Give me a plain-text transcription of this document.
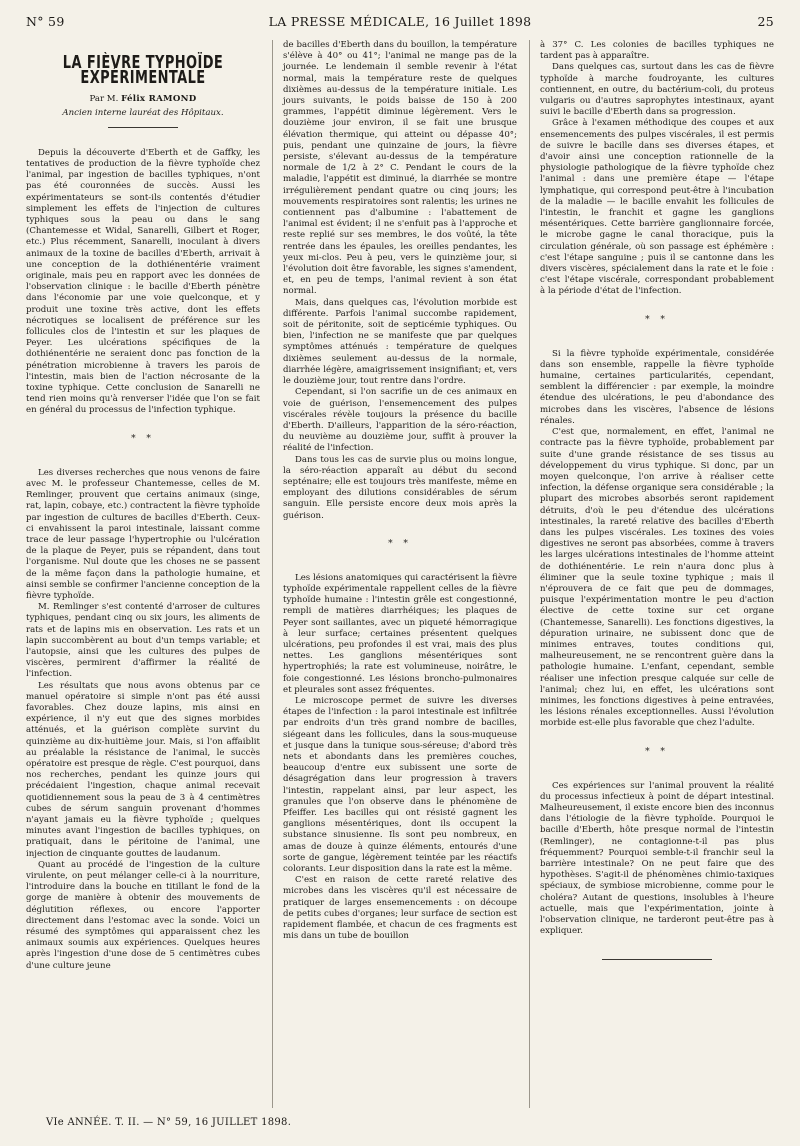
N° 59	LA PRESSE MÉDICALE, 16 Juillet 1898	25
LA FIÈVRE TYPHOÏDE EXPÉRIMENTALE
Par M. Félix RAMOND
Ancien interne lauréat des Hôpitaux.

Depuis la découverte d'Eberth et de Gaffky, les tentatives de production de la fièvre typhoïde chez l'animal, par ingestion de bacilles typhiques, n'ont pas été couronnées de succès. Aussi les expérimentateurs se sont-ils contentés d'étudier simplement les effets de l'injection de cultures typhiques sous la peau ou dans le sang (Chantemesse et Widal, Sanarelli, Gilbert et Roger, etc.) Plus récemment, Sanarelli, inoculant à divers animaux de la toxine de bacilles d'Eberth, arrivait à une conception de la dothiénentérie vraiment originale, mais peu en rapport avec les données de l'observation clinique : le bacille d'Eberth pénètre dans l'économie par une voie quelconque, et y produit une toxine très active, dont les effets nécrotiques se localisent de préférence sur les follicules clos de l'intestin et sur les plaques de Peyer. Les ulcérations spécifiques de la dothiénentérie ne seraient donc pas fonction de la pénétration microbienne à travers les parois de l'intestin, mais bien de l'action nécrosante de la toxine typhique. Cette conclusion de Sanarelli ne tend rien moins qu'à renverser l'idée que l'on se fait en général du processus de l'infection typhique.

* *

Les diverses recherches que nous venons de faire avec M. le professeur Chantemesse, celles de M. Remlinger, prouvent que certains animaux (singe, rat, lapin, cobaye, etc.) contractent la fièvre typhoïde par ingestion de cultures de bacilles d'Eberth. Ceux-ci envahissent la paroi intestinale, laissant comme trace de leur passage l'hypertrophie ou l'ulcération de la plaque de Peyer, puis se répandent, dans tout l'organisme. Nul doute que les choses ne se passent de la même façon dans la pathologie humaine, et ainsi semble se confirmer l'ancienne conception de la fièvre typhoïde.

M. Remlinger s'est contenté d'arroser de cultures typhiques, pendant cinq ou six jours, les aliments de rats et de lapins mis en observation. Les rats et un lapin succombèrent au bout d'un temps variable; et l'autopsie, ainsi que les cultures des pulpes de viscères, permirent d'affirmer la réalité de l'infection.

Les résultats que nous avons obtenus par ce manuel opératoire si simple n'ont pas été aussi favorables. Chez douze lapins, mis ainsi en expérience, il n'y eut que des signes morbides atténués, et la guérison complète survint du quinzième au dix-huitième jour. Mais, si l'on affaiblit au préalable la résistance de l'animal, le succès opératoire est presque de règle. C'est pourquoi, dans nos recherches, pendant les quinze jours qui précédaient l'ingestion, chaque animal recevait quotidiennement sous la peau de 3 à 4 centimètres cubes de sérum sanguin provenant d'hommes n'ayant jamais eu la fièvre typhoïde ; quelques minutes avant l'ingestion de bacilles typhiques, on pratiquait, dans le péritoine de l'animal, une injection de cinquante gouttes de laudanum.

Quant au procédé de l'ingestion de la culture virulente, on peut mélanger celle-ci à la nourriture, l'introduire dans la bouche en titillant le fond de la gorge de manière à obtenir des mouvements de déglutition réflexes, ou encore l'apporter directement dans l'estomac avec la sonde. Voici un résumé des symptômes qui apparaissent chez les animaux soumis aux expériences. Quelques heures après l'ingestion d'une dose de 5 centimètres cubes d'une culture jeune

de bacilles d'Eberth dans du bouillon, la température s'élève à 40° ou 41°; l'animal ne mange pas de la journée. Le lendemain il semble revenir à l'état normal, mais la température reste de quelques dixièmes au-dessus de la température initiale. Les jours suivants, le poids baisse de 150 à 200 grammes, l'appétit diminue légèrement. Vers le douzième jour environ, il se fait une brusque élévation thermique, qui atteint ou dépasse 40°; puis, pendant une quinzaine de jours, la fièvre persiste, s'élevant au-dessus de la température normale de 1/2 à 2° C. Pendant le cours de la maladie, l'appétit est diminué, la diarrhée se montre irrégulièrement pendant quatre ou cinq jours; les mouvements respiratoires sont ralentis; les urines ne contiennent pas d'albumine : l'abattement de l'animal est évident; il ne s'enfuit pas à l'approche et reste replié sur ses membres, le dos voûté, la tête rentrée dans les épaules, les oreilles pendantes, les yeux mi-clos. Peu à peu, vers le quinzième jour, si l'évolution doit être favorable, les signes s'amendent, et, en peu de temps, l'animal revient à son état normal.

Mais, dans quelques cas, l'évolution morbide est différente. Parfois l'animal succombe rapidement, soit de péritonite, soit de septicémie typhiques. Ou bien, l'infection ne se manifeste que par quelques symptômes atténués : température de quelques dixièmes seulement au-dessus de la normale, diarrhée légère, amaigrissement insignifiant; et, vers le douzième jour, tout rentre dans l'ordre.

Cependant, si l'on sacrifie un de ces animaux en voie de guérison, l'ensemencement des pulpes viscérales révèle toujours la présence du bacille d'Eberth. D'ailleurs, l'apparition de la séro-réaction, du neuvième au douzième jour, suffit à prouver la réalité de l'infection.

Dans tous les cas de survie plus ou moins longue, la séro-réaction apparaît au début du second septénaire; elle est toujours très manifeste, même en employant des dilutions considérables de sérum sanguin. Elle persiste encore deux mois après la guérison.

* *

Les lésions anatomiques qui caractérisent la fièvre typhoïde expérimentale rappellent celles de la fièvre typhoïde humaine : l'intestin grêle est congestionné, rempli de matières diarrhéiques; les plaques de Peyer sont saillantes, avec un piqueté hémorragique à leur surface; certaines présentent quelques ulcérations, peu profondes il est vrai, mais des plus nettes. Les ganglions mésentériques sont hypertrophiés; la rate est volumineuse, noirâtre, le foie congestionné. Les lésions broncho-pulmonaires et pleurales sont assez fréquentes.

Le microscope permet de suivre les diverses étapes de l'infection : la paroi intestinale est infiltrée par endroits d'un très grand nombre de bacilles, siégeant dans les follicules, dans la sous-muqueuse et jusque dans la tunique sous-séreuse; d'abord très nets et abondants dans les premières couches, beaucoup d'entre eux subissent une sorte de désagrégation dans leur progression à travers l'intestin, rappelant ainsi, par leur aspect, les granules que l'on observe dans le phénomène de Pfeiffer. Les bacilles qui ont résisté gagnent les ganglions mésentériques, dont ils occupent la substance sinusienne. Ils sont peu nombreux, en amas de douze à quinze éléments, entourés d'une sorte de gangue, légèrement teintée par les réactifs colorants. Leur disposition dans la rate est la même.

C'est en raison de cette rareté relative des microbes dans les viscères qu'il est nécessaire de pratiquer de larges ensemencements : on découpe de petits cubes d'organes; leur surface de section est rapidement flambée, et chacun de ces fragments est mis dans un tube de bouillon

à 37° C. Les colonies de bacilles typhiques ne tardent pas à apparaître.

Dans quelques cas, surtout dans les cas de fièvre typhoïde à marche foudroyante, les cultures contiennent, en outre, du bactérium-coli, du proteus vulgaris ou d'autres saprophytes intestinaux, ayant suivi le bacille d'Eberth dans sa progression.

Grâce à l'examen méthodique des coupes et aux ensemencements des pulpes viscérales, il est permis de suivre le bacille dans ses diverses étapes, et d'avoir ainsi une conception rationnelle de la physiologie pathologique de la fièvre typhoïde chez l'animal : dans une première étape — l'étape lymphatique, qui correspond peut-être à l'incubation de la maladie — le bacille envahit les follicules de l'intestin, le franchit et gagne les ganglions mésentériques. Cette barrière ganglionnaire forcée, le microbe gagne le canal thoracique, puis la circulation générale, où son passage est éphémère : c'est l'étape sanguine ; puis il se cantonne dans les divers viscères, spécialement dans la rate et le foie : c'est l'étape viscérale, correspondant probablement à la période d'état de l'infection.

* *

Si la fièvre typhoïde expérimentale, considérée dans son ensemble, rappelle la fièvre typhoïde humaine, certaines particularités, cependant, semblent la différencier : par exemple, la moindre étendue des ulcérations, le peu d'abondance des microbes dans les viscères, l'absence de lésions rénales.

C'est que, normalement, en effet, l'animal ne contracte pas la fièvre typhoïde, probablement par suite d'une grande résistance de ses tissus au développement du virus typhique. Si donc, par un moyen quelconque, l'on arrive à réaliser cette infection, la défense organique sera considérable ; la plupart des microbes absorbés seront rapidement détruits, d'où le peu d'étendue des ulcérations intestinales, la rareté relative des bacilles d'Eberth dans les pulpes viscérales. Les toxines des voies digestives ne seront pas absorbées, comme à travers les larges ulcérations intestinales de l'homme atteint de dothiénentérie. Le rein n'aura donc plus à éliminer que la seule toxine typhique ; mais il n'éprouvera de ce fait que peu de dommages, puisque l'expérimentation montre le peu d'action élective de cette toxine sur cet organe (Chantemesse, Sanarelli). Les fonctions digestives, la dépuration urinaire, ne subissent donc que de minimes entraves, toutes conditions qui, malheureusement, ne se rencontrent guère dans la pathologie humaine. L'enfant, cependant, semble réaliser une infection presque calquée sur celle de l'animal; chez lui, en effet, les ulcérations sont minimes, les fonctions digestives à peine entravées, les lésions rénales exceptionnelles. Aussi l'évolution morbide est-elle plus favorable que chez l'adulte.

* *

Ces expériences sur l'animal prouvent la réalité du processus infectieux à point de départ intestinal. Malheureusement, il existe encore bien des inconnus dans l'étiologie de la fièvre typhoïde. Pourquoi le bacille d'Eberth, hôte presque normal de l'intestin (Remlinger), ne contagionne-t-il pas plus fréquemment? Pourquoi semble-t-il franchir seul la barrière intestinale? On ne peut faire que des hypothèses. S'agit-il de phénomènes chimio-taxiques spéciaux, de symbiose microbienne, comme pour le choléra? Autant de questions, insolubles à l'heure actuelle, mais que l'expérimentation, jointe à l'observation clinique, ne tarderont peut-être pas à expliquer.

VIe ANNÉE. T. II. — N° 59, 16 JUILLET 1898.
